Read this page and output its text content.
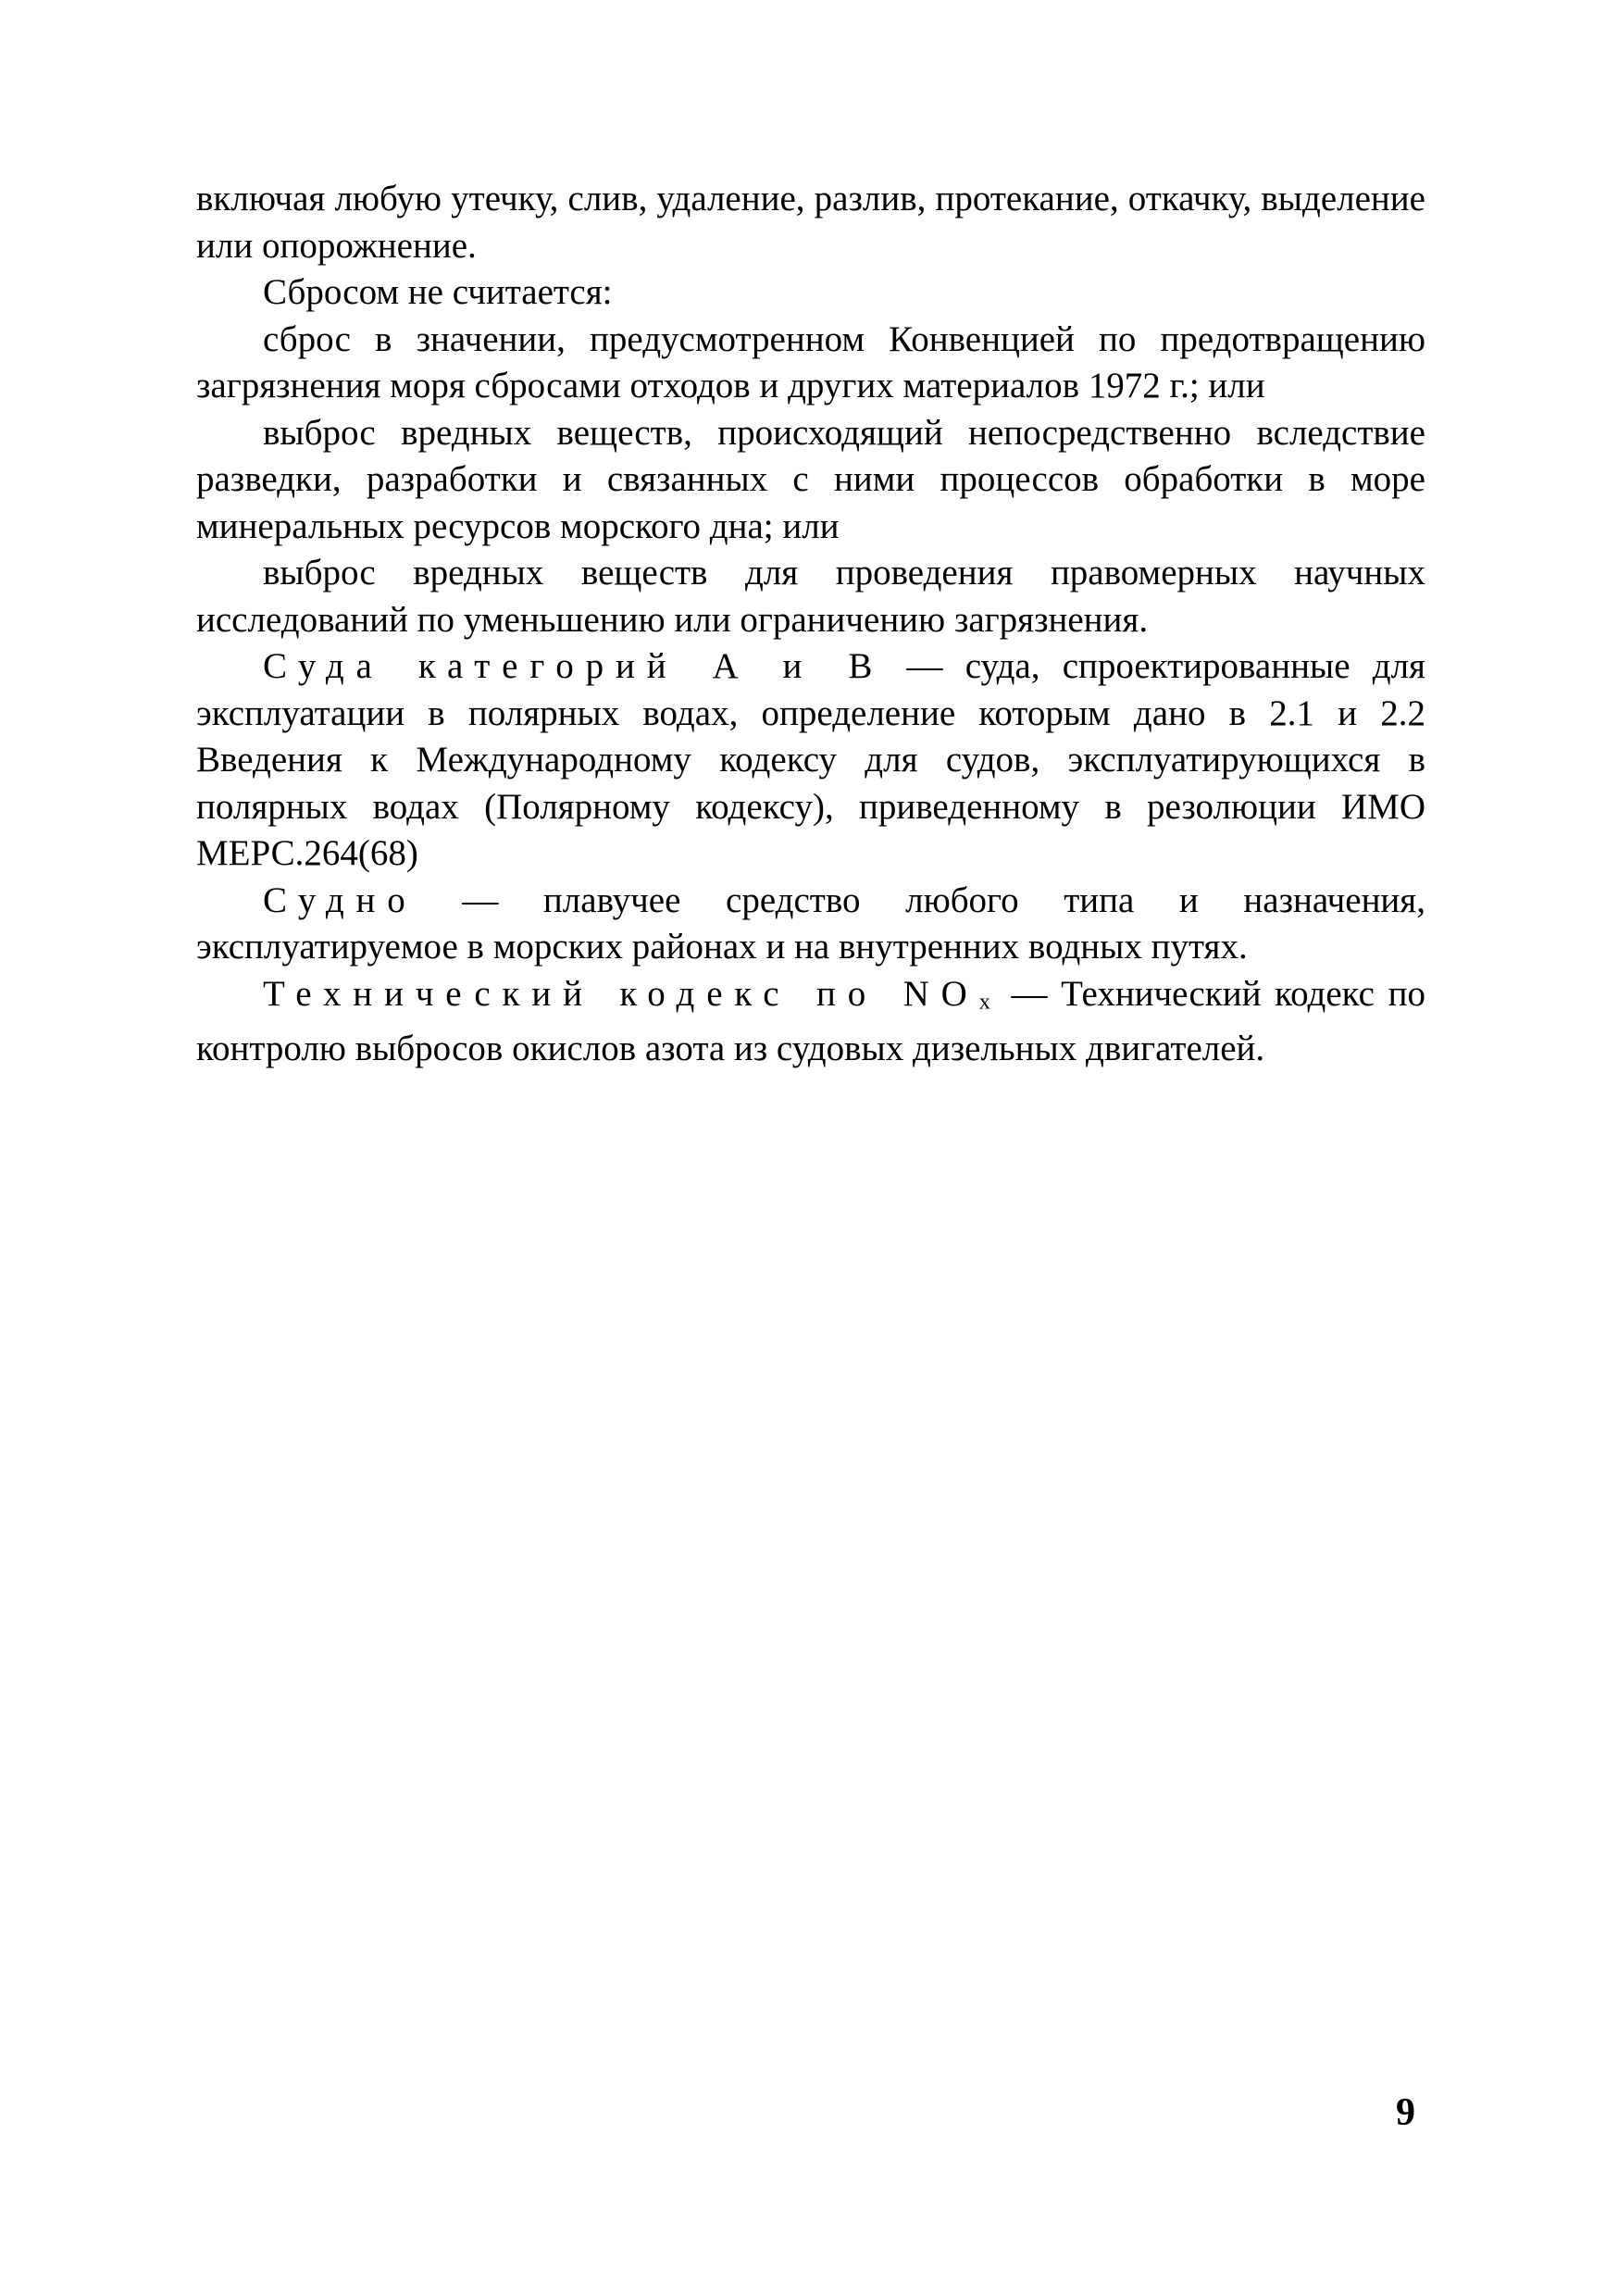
включая любую утечку, слив, удаление, разлив, протекание, откачку, выделение или опорожнение.

Сбросом не считается:

сброс в значении, предусмотренном Конвенцией по предотвращению загрязнения моря сбросами отходов и других материалов 1972 г.; или

выброс вредных веществ, происходящий непосредственно вследствие разведки, разработки и связанных с ними процессов обработки в море минеральных ресурсов морского дна; или

выброс вредных веществ для проведения правомерных научных исследований по уменьшению или ограничению загрязнения.

Суда категорий A и B — суда, спроектированные для эксплуатации в полярных водах, определение которым дано в 2.1 и 2.2 Введения к Международному кодексу для судов, эксплуатирующихся в полярных водах (Полярному кодексу), приведенному в резолюции ИМО МЕРС.264(68)

Судно — плавучее средство любого типа и назначения, эксплуатируемое в морских районах и на внутренних водных путях.

Технический кодекс по NOx — Технический кодекс по контролю выбросов окислов азота из судовых дизельных двигателей.

9
